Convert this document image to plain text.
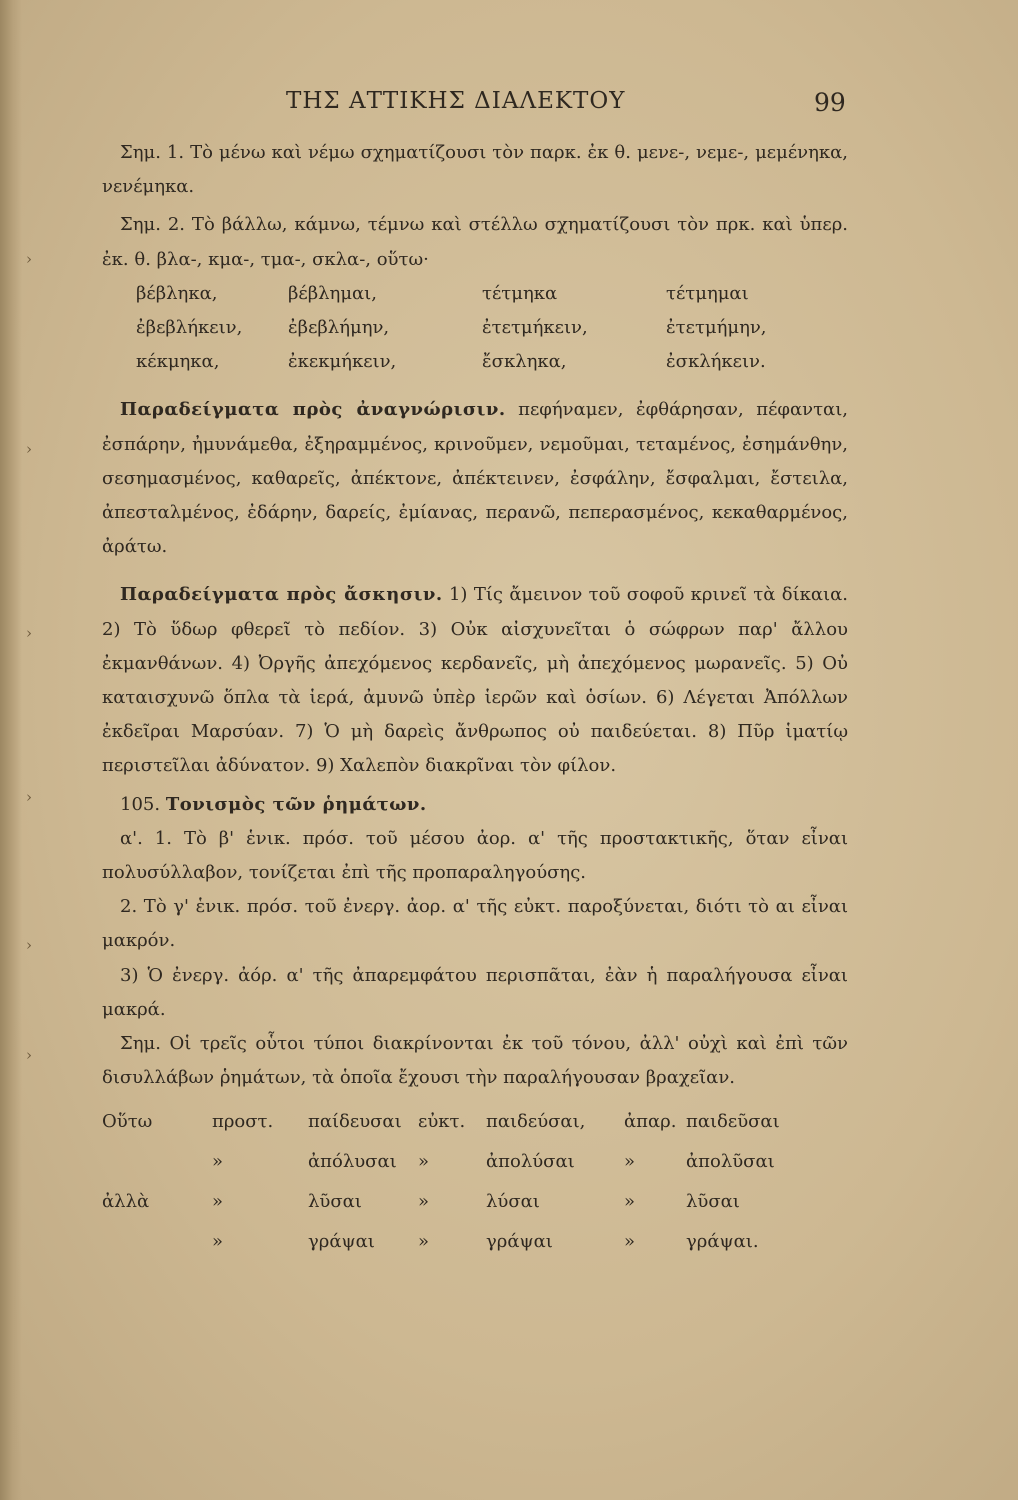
›
›
›
›
›
›
ΤΗΣ ΑΤΤΙΚΗΣ ΔΙΑΛΕΚΤΟΥ	99

Σημ. 1. Τὸ μένω καὶ νέμω σχηματίζουσι τὸν παρκ. ἐκ θ. μενε-, νεμε-, μεμένηκα, νενέμηκα.

Σημ. 2. Τὸ βάλλω, κάμνω, τέμνω καὶ στέλλω σχηματίζουσι τὸν πρκ. καὶ ὑπερ. ἐκ. θ. βλα-, κμα-, τμα-, σκλα-, οὕτω·

βέβληκα,	βέβλημαι,	τέτμηκα	τέτμημαι
ἐβεβλήκειν,	ἐβεβλήμην,	ἐτετμήκειν,	ἐτετμήμην,
κέκμηκα,	ἐκεκμήκειν,	ἔσκληκα,	ἐσκλήκειν.

Παραδείγματα πρὸς ἀναγνώρισιν. πεφήναμεν, ἐφθάρησαν, πέφανται, ἐσπάρην, ἠμυνάμεθα, ἐξηραμμένος, κρινοῦμεν, νεμοῦμαι, τεταμένος, ἐσημάνθην, σεσημασμένος, καθαρεῖς, ἀπέκτονε, ἀπέκτεινεν, ἐσφάλην, ἔσφαλμαι, ἔστειλα, ἀπεσταλμένος, ἐδάρην, δαρείς, ἐμίανας, περανῶ, πεπερασμένος, κεκαθαρμένος, ἀράτω.

Παραδείγματα πρὸς ἄσκησιν. 1) Τίς ἄμεινον τοῦ σοφοῦ κρινεῖ τὰ δίκαια. 2) Τὸ ὕδωρ φθερεῖ τὸ πεδίον. 3) Οὐκ αἰσχυνεῖται ὁ σώφρων παρ' ἄλλου ἐκμανθάνων. 4) Ὀργῆς ἀπεχόμενος κερδανεῖς, μὴ ἀπεχόμενος μωρανεῖς. 5) Οὐ καταισχυνῶ ὅπλα τὰ ἱερά, ἀμυνῶ ὑπὲρ ἱερῶν καὶ ὁσίων. 6) Λέγεται Ἀπόλλων ἐκδεῖραι Μαρσύαν. 7) Ὁ μὴ δαρεὶς ἄνθρωπος οὐ παιδεύεται. 8) Πῦρ ἱματίῳ περιστεῖλαι ἀδύνατον. 9) Χαλεπὸν διακρῖναι τὸν φίλον.

105. Τονισμὸς τῶν ῥημάτων.

α'. 1. Τὸ β' ἑνικ. πρόσ. τοῦ μέσου ἀορ. α' τῆς προστακτικῆς, ὅταν εἶναι πολυσύλλαβον, τονίζεται ἐπὶ τῆς προπαραληγούσης.

2. Τὸ γ' ἑνικ. πρόσ. τοῦ ἐνεργ. ἀορ. α' τῆς εὐκτ. παροξύνεται, διότι τὸ αι εἶναι μακρόν.

3) Ὁ ἐνεργ. ἀόρ. α' τῆς ἀπαρεμφάτου περισπᾶται, ἐὰν ἡ παραλήγουσα εἶναι μακρά.

Σημ. Οἱ τρεῖς οὗτοι τύποι διακρίνονται ἐκ τοῦ τόνου, ἀλλ' οὐχὶ καὶ ἐπὶ τῶν δισυλλάβων ῥημάτων, τὰ ὁποῖα ἔχουσι τὴν παραλήγουσαν βραχεῖαν.

Οὕτω	προστ.	παίδευσαι	εὐκτ.	παιδεύσαι,	ἀπαρ.	παιδεῦσαι
	»	ἀπόλυσαι	»	ἀπολύσαι	»	ἀπολῦσαι
ἀλλὰ	»	λῦσαι	»	λύσαι	»	λῦσαι
	»	γράψαι	»	γράψαι	»	γράψαι.
